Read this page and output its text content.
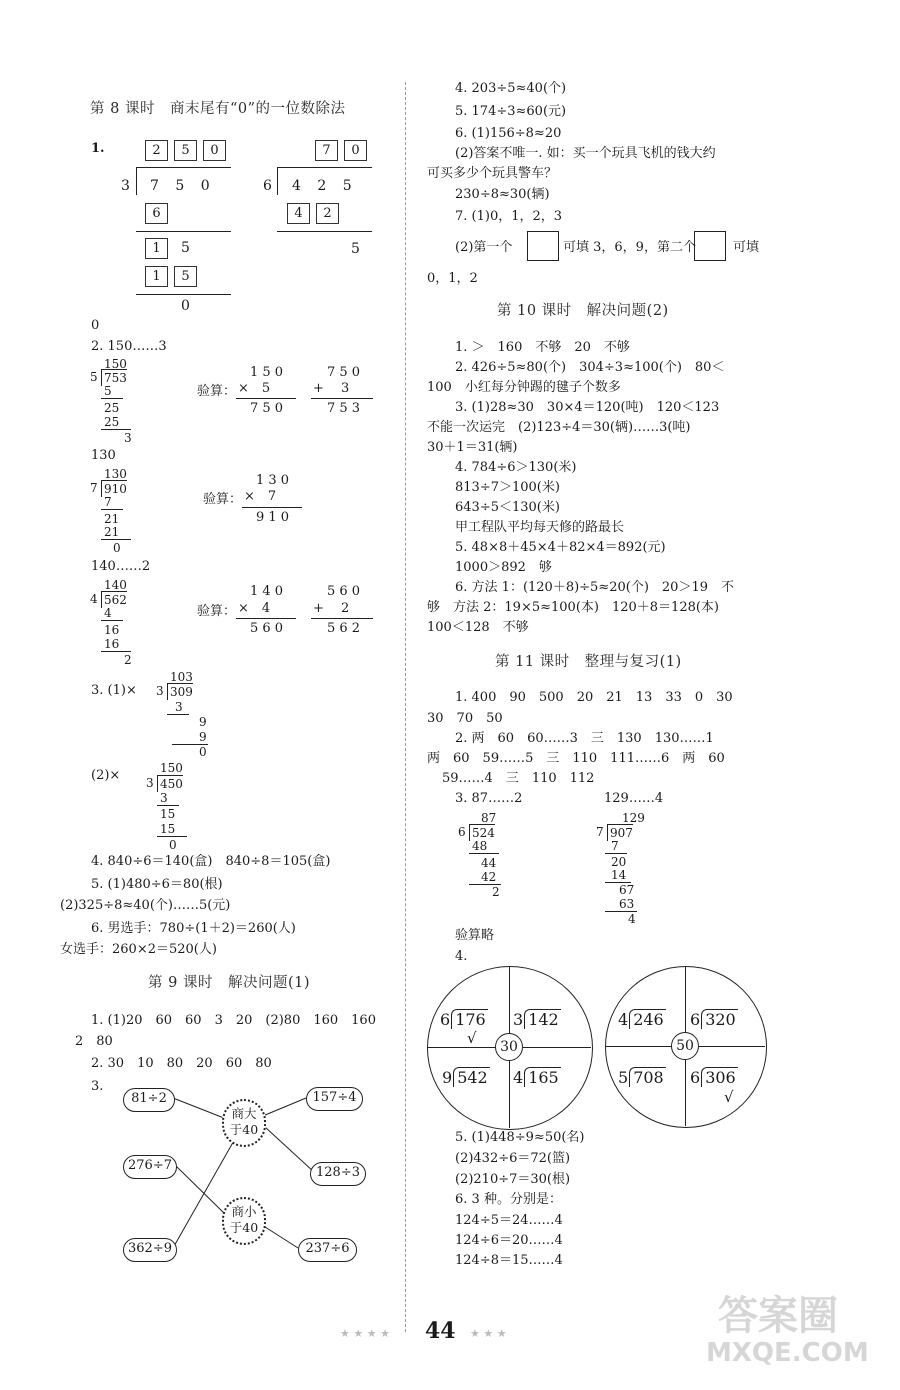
第 8 课时　商末尾有“0”的一位数除法
1.	2	5	0
3 7 5 0
6
1	5
1	5
0
7	0
6 4 2 5
4	2
5
0
2. 150……3
150
5 753
5
25
25
3
验算：
1 5 0
×　5
7 5 0
7 5 0
+　 3
7 5 3
130
130
7 910
7
21
21
0
验算：
1 3 0
×　7
9 1 0
140……2
140
4 562
4
16
16
2
验算：
1 4 0
×　4
5 6 0
5 6 0
+　 2
5 6 2
3. (1)×
103
3 309
3
9
9
0
(2)×	150
3 450
3
15
15
0
4. 840÷6＝140(盒)　840÷8＝105(盒)
5. (1)480÷6＝80(根)
(2)325÷8≈40(个)……5(元)
6. 男选手：780÷(1＋2)＝260(人)
女选手：260×2＝520(人)
第 9 课时　解决问题(1)
1. (1)20　60　60　3　20　(2)80　160　160
2　80
2. 30　10　80　20　60　80
3.
81÷2
276÷7
362÷9
157÷4
128÷3
237÷6
商大
于40
商小
于40
4. 203÷5≈40(个)
5. 174÷3≈60(元)
6. (1)156÷8≈20
(2)答案不唯一. 如：买一个玩具飞机的钱大约
可买多少个玩具警车？
230÷8≈30(辆)
7. (1)0，1，2，3
(2)第一个	可填 3，6，9，第二个	可填
0，1，2
第 10 课时　解决问题(2)
1. ＞　160　不够　20　不够
2. 426÷5≈80(个)　304÷3≈100(个)　80＜
100　小红每分钟踢的毽子个数多
3. (1)28≈30　30×4＝120(吨)　120＜123
不能一次运完　(2)123÷4＝30(辆)……3(吨)
30＋1＝31(辆)
4. 784÷6＞130(米)
813÷7＞100(米)
643÷5＜130(米)
甲工程队平均每天修的路最长
5. 48×8＋45×4＋82×4＝892(元)
1000＞892　够
6. 方法 1：(120＋8)÷5≈20(个)　20＞19　不
够　方法 2：19×5≈100(本)　120＋8＝128(本)
100＜128　不够
第 11 课时　整理与复习(1)
1. 400　90　500　20　21　13　33　0　30
30　70　50
2. 两　60　60……3　三　130　130……1
两　60　59……5　三　110　111……6　两　60
59……4　三　110　112
3. 87……2	129……4
87
6 524
48
44
42
2
129
7 907
7
20
14
67
63
4
验算略
4.
30
6 176 3 142
9 542 4 165
√	50
4 246 6 320
5 708 6 306
√
5. (1)448÷9≈50(名)
(2)432÷6＝72(篮)
(2)210÷7＝30(根)
6. 3 种。分别是：
124÷5＝24……4
124÷6＝20……4
124÷8＝15……4
★ ★ ★ ★ 44 ★ ★ ★	答案圈
MXQE.COM
